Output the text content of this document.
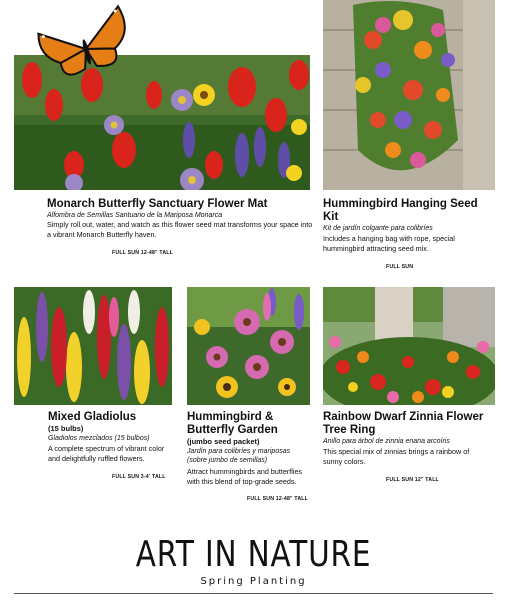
Monarch Butterfly Sanctuary Flower Mat
Alfombra de Semillas Santuario de la Mariposa Monarca
Simply roll out, water, and watch as this flower seed mat transforms your space into a vibrant Monarch Butterfly haven.
FULL SUN 12-48" TALL
Hummingbird Hanging Seed Kit
Kit de jardín colgante para colibríes
Includes a hanging bag with rope, special hummingbird attracting seed mix.
FULL SUN
Mixed Gladiolus
(15 bulbs)
Gladiolos mezclados (15 bulbos)
A complete spectrum of vibrant color and delightfully ruffled flowers.
FULL SUN 3-4' TALL
Hummingbird & Butterfly Garden
(jumbo seed packet)
Jardín para colibríes y mariposas (sobre jumbo de semillas)
Attract hummingbirds and butterflies with this blend of top-grade seeds.
FULL SUN 12-48" TALL
Rainbow Dwarf Zinnia Flower Tree Ring
Anillo para árbol de zinnia enana arcoíris
This special mix of zinnias brings a rainbow of sunny colors.
FULL SUN 12" TALL
ART IN NATURE
Spring Planting
